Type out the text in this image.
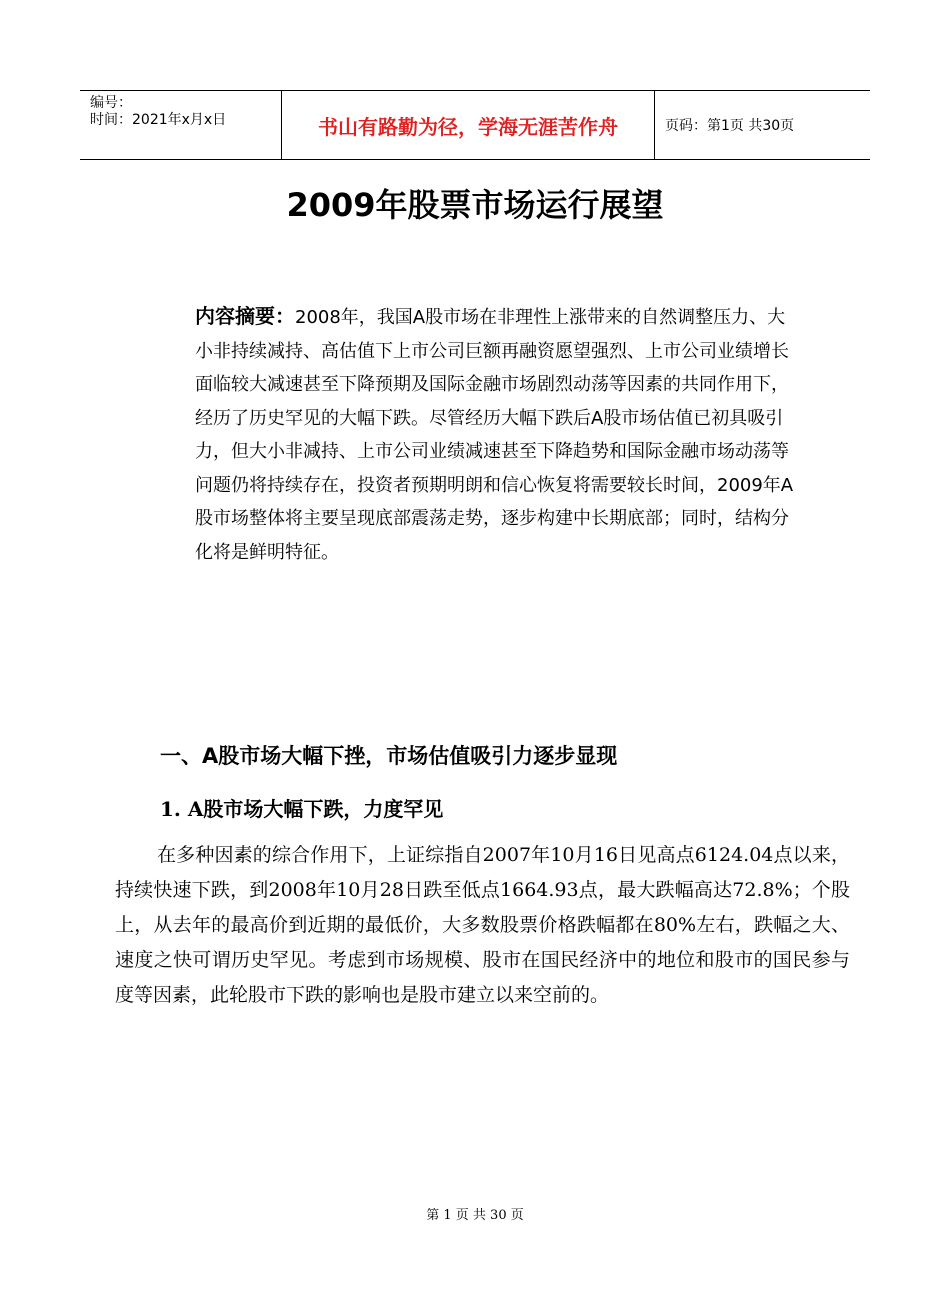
编号：
时间：2021年x月x日	书山有路勤为径，学海无涯苦作舟	页码：第1页 共30页
2009年股票市场运行展望

内容摘要：2008年，我国A股市场在非理性上涨带来的自然调整压力、大小非持续减持、高估值下上市公司巨额再融资愿望强烈、上市公司业绩增长面临较大减速甚至下降预期及国际金融市场剧烈动荡等因素的共同作用下，经历了历史罕见的大幅下跌。尽管经历大幅下跌后A股市场估值已初具吸引力，但大小非减持、上市公司业绩减速甚至下降趋势和国际金融市场动荡等问题仍将持续存在，投资者预期明朗和信心恢复将需要较长时间，2009年A股市场整体将主要呈现底部震荡走势，逐步构建中长期底部；同时，结构分化将是鲜明特征。

一、A股市场大幅下挫，市场估值吸引力逐步显现
1. A股市场大幅下跌，力度罕见

在多种因素的综合作用下，上证综指自2007年10月16日见高点6124.04点以来，持续快速下跌，到2008年10月28日跌至低点1664.93点，最大跌幅高达72.8%；个股上，从去年的最高价到近期的最低价，大多数股票价格跌幅都在80%左右，跌幅之大、速度之快可谓历史罕见。考虑到市场规模、股市在国民经济中的地位和股市的国民参与度等因素，此轮股市下跌的影响也是股市建立以来空前的。

第 1 页 共 30 页
